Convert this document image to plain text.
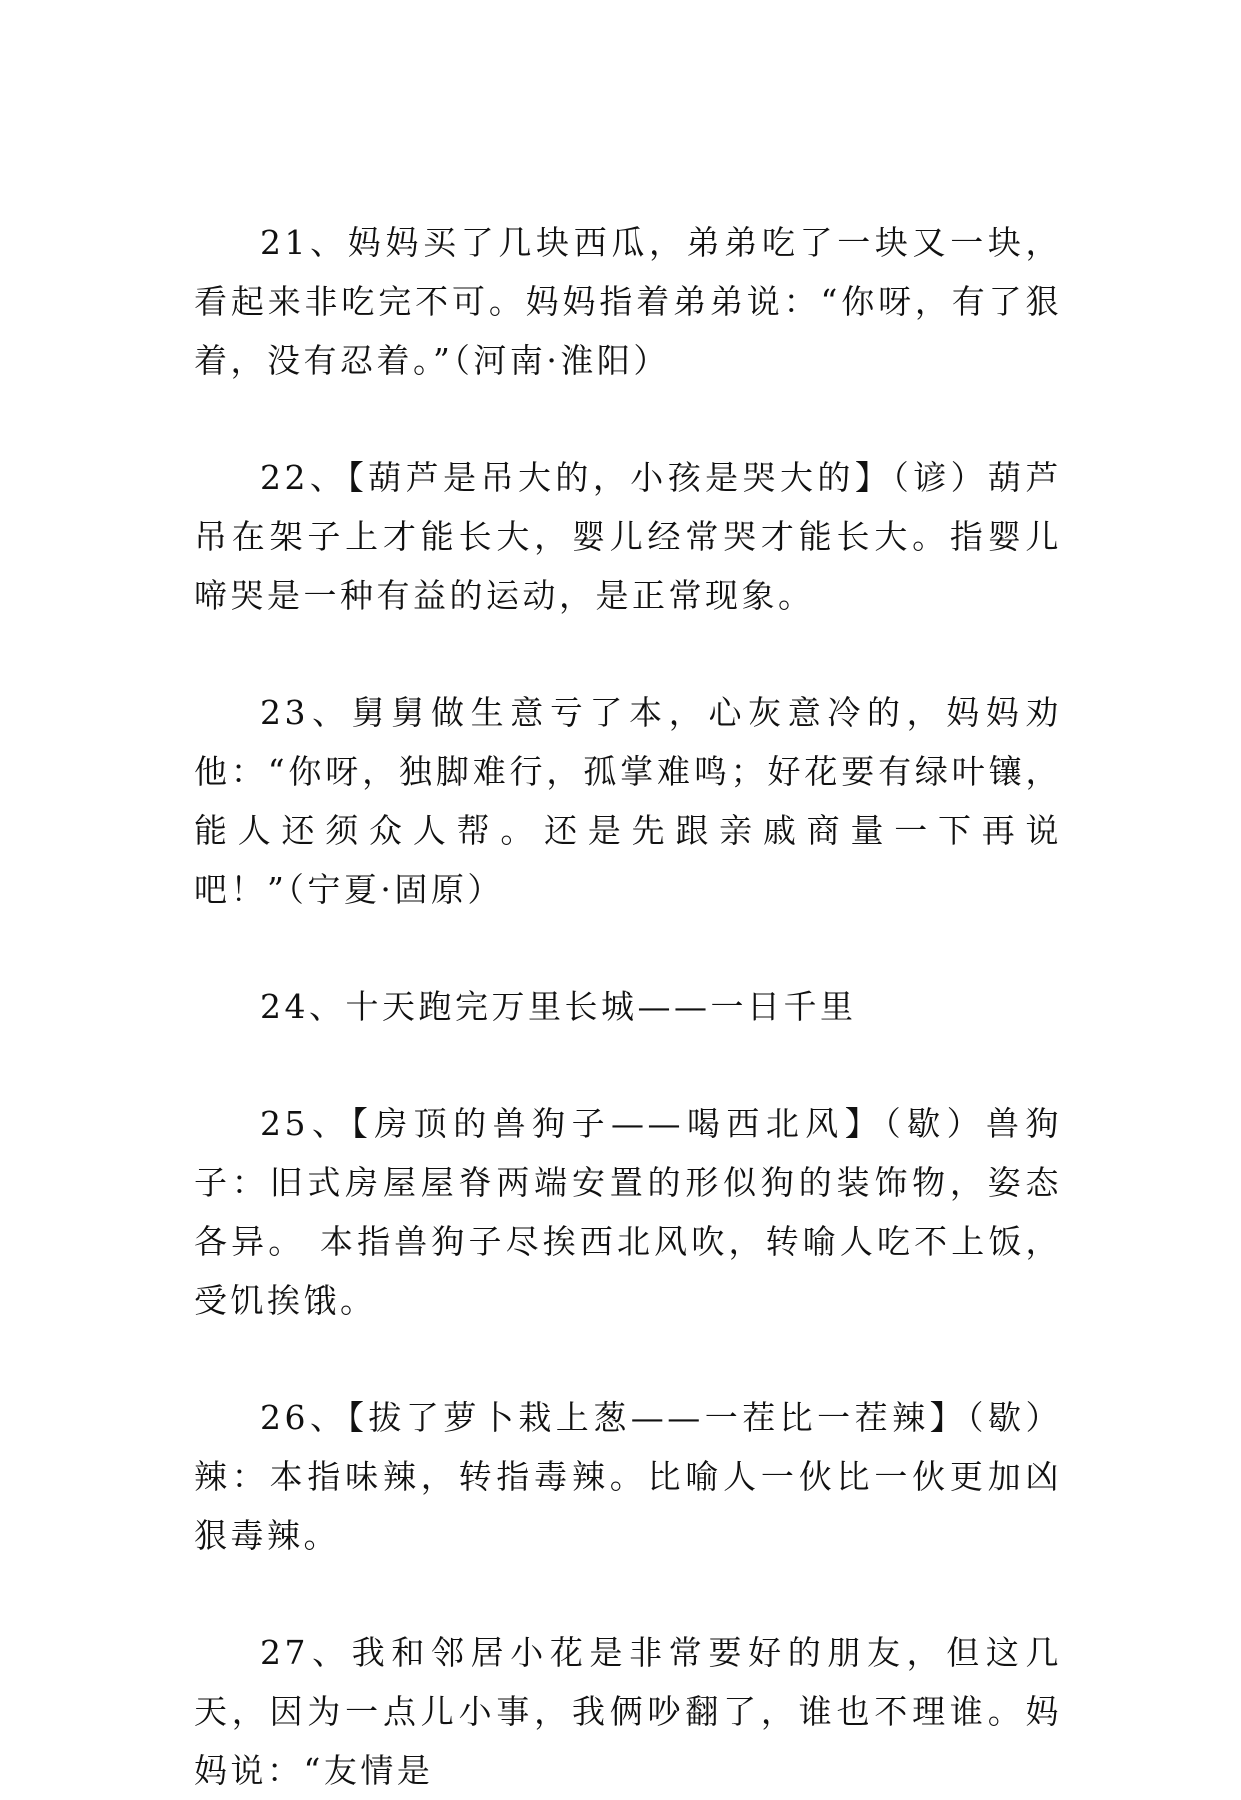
21、妈妈买了几块西瓜，弟弟吃了一块又一块，看起来非吃完不可。妈妈指着弟弟说：“你呀，有了狠着，没有忍着。”（河南·淮阳）

22、【葫芦是吊大的，小孩是哭大的】（谚）葫芦吊在架子上才能长大，婴儿经常哭才能长大。指婴儿啼哭是一种有益的运动，是正常现象。

23、舅舅做生意亏了本，心灰意冷的，妈妈劝他：“你呀，独脚难行，孤掌难鸣；好花要有绿叶镶，能人还须众人帮。还是先跟亲戚商量一下再说吧！”（宁夏·固原）

24、十天跑完万里长城——一日千里

25、【房顶的兽狗子——喝西北风】（歇）兽狗子：旧式房屋屋脊两端安置的形似狗的装饰物，姿态各异。 本指兽狗子尽挨西北风吹，转喻人吃不上饭，受饥挨饿。

26、【拔了萝卜栽上葱——一茬比一茬辣】（歇）辣：本指味辣，转指毒辣。比喻人一伙比一伙更加凶狠毒辣。

27、我和邻居小花是非常要好的朋友，但这几天，因为一点儿小事，我俩吵翻了，谁也不理谁。妈妈说：“友情是
